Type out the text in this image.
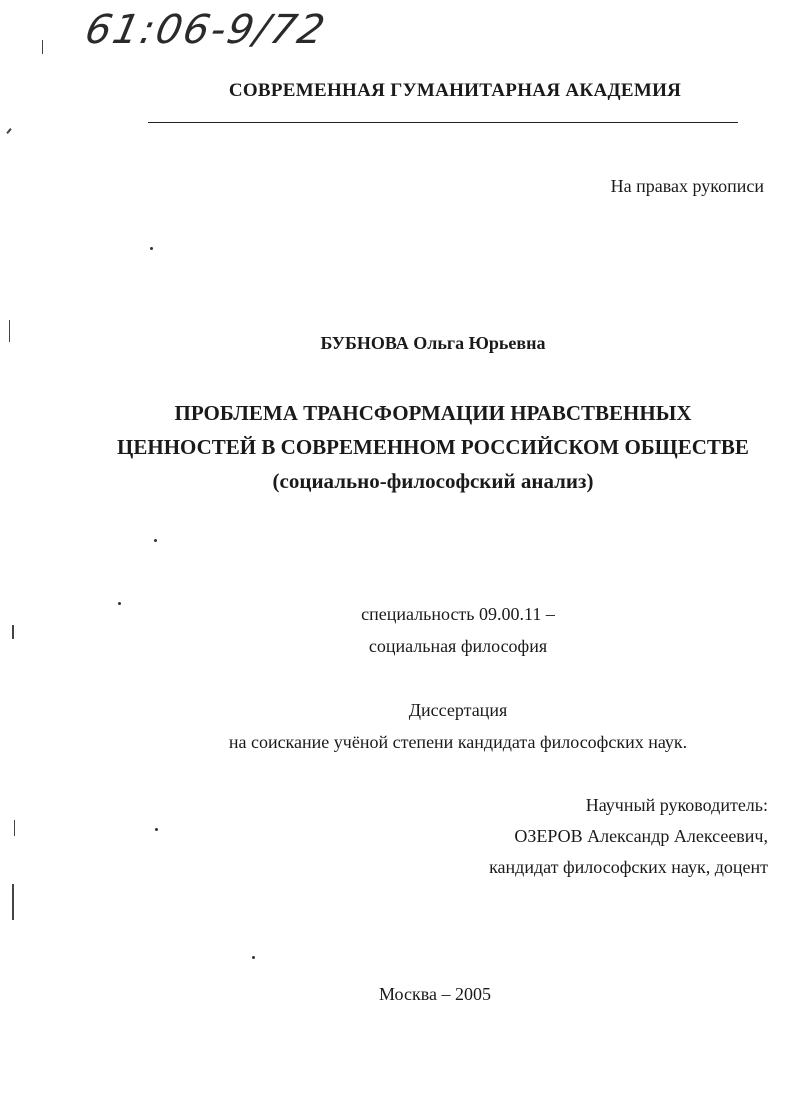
61:06-9/72
СОВРЕМЕННАЯ ГУМАНИТАРНАЯ АКАДЕМИЯ
На правах рукописи
БУБНОВА Ольга Юрьевна
ПРОБЛЕМА ТРАНСФОРМАЦИИ НРАВСТВЕННЫХ
ЦЕННОСТЕЙ В СОВРЕМЕННОМ РОССИЙСКОМ ОБЩЕСТВЕ
(социально-философский анализ)
специальность 09.00.11 –
социальная философия
Диссертация
на соискание учёной степени кандидата философских наук.
Научный руководитель:
ОЗЕРОВ Александр Алексеевич,
кандидат философских наук, доцент
Москва – 2005
